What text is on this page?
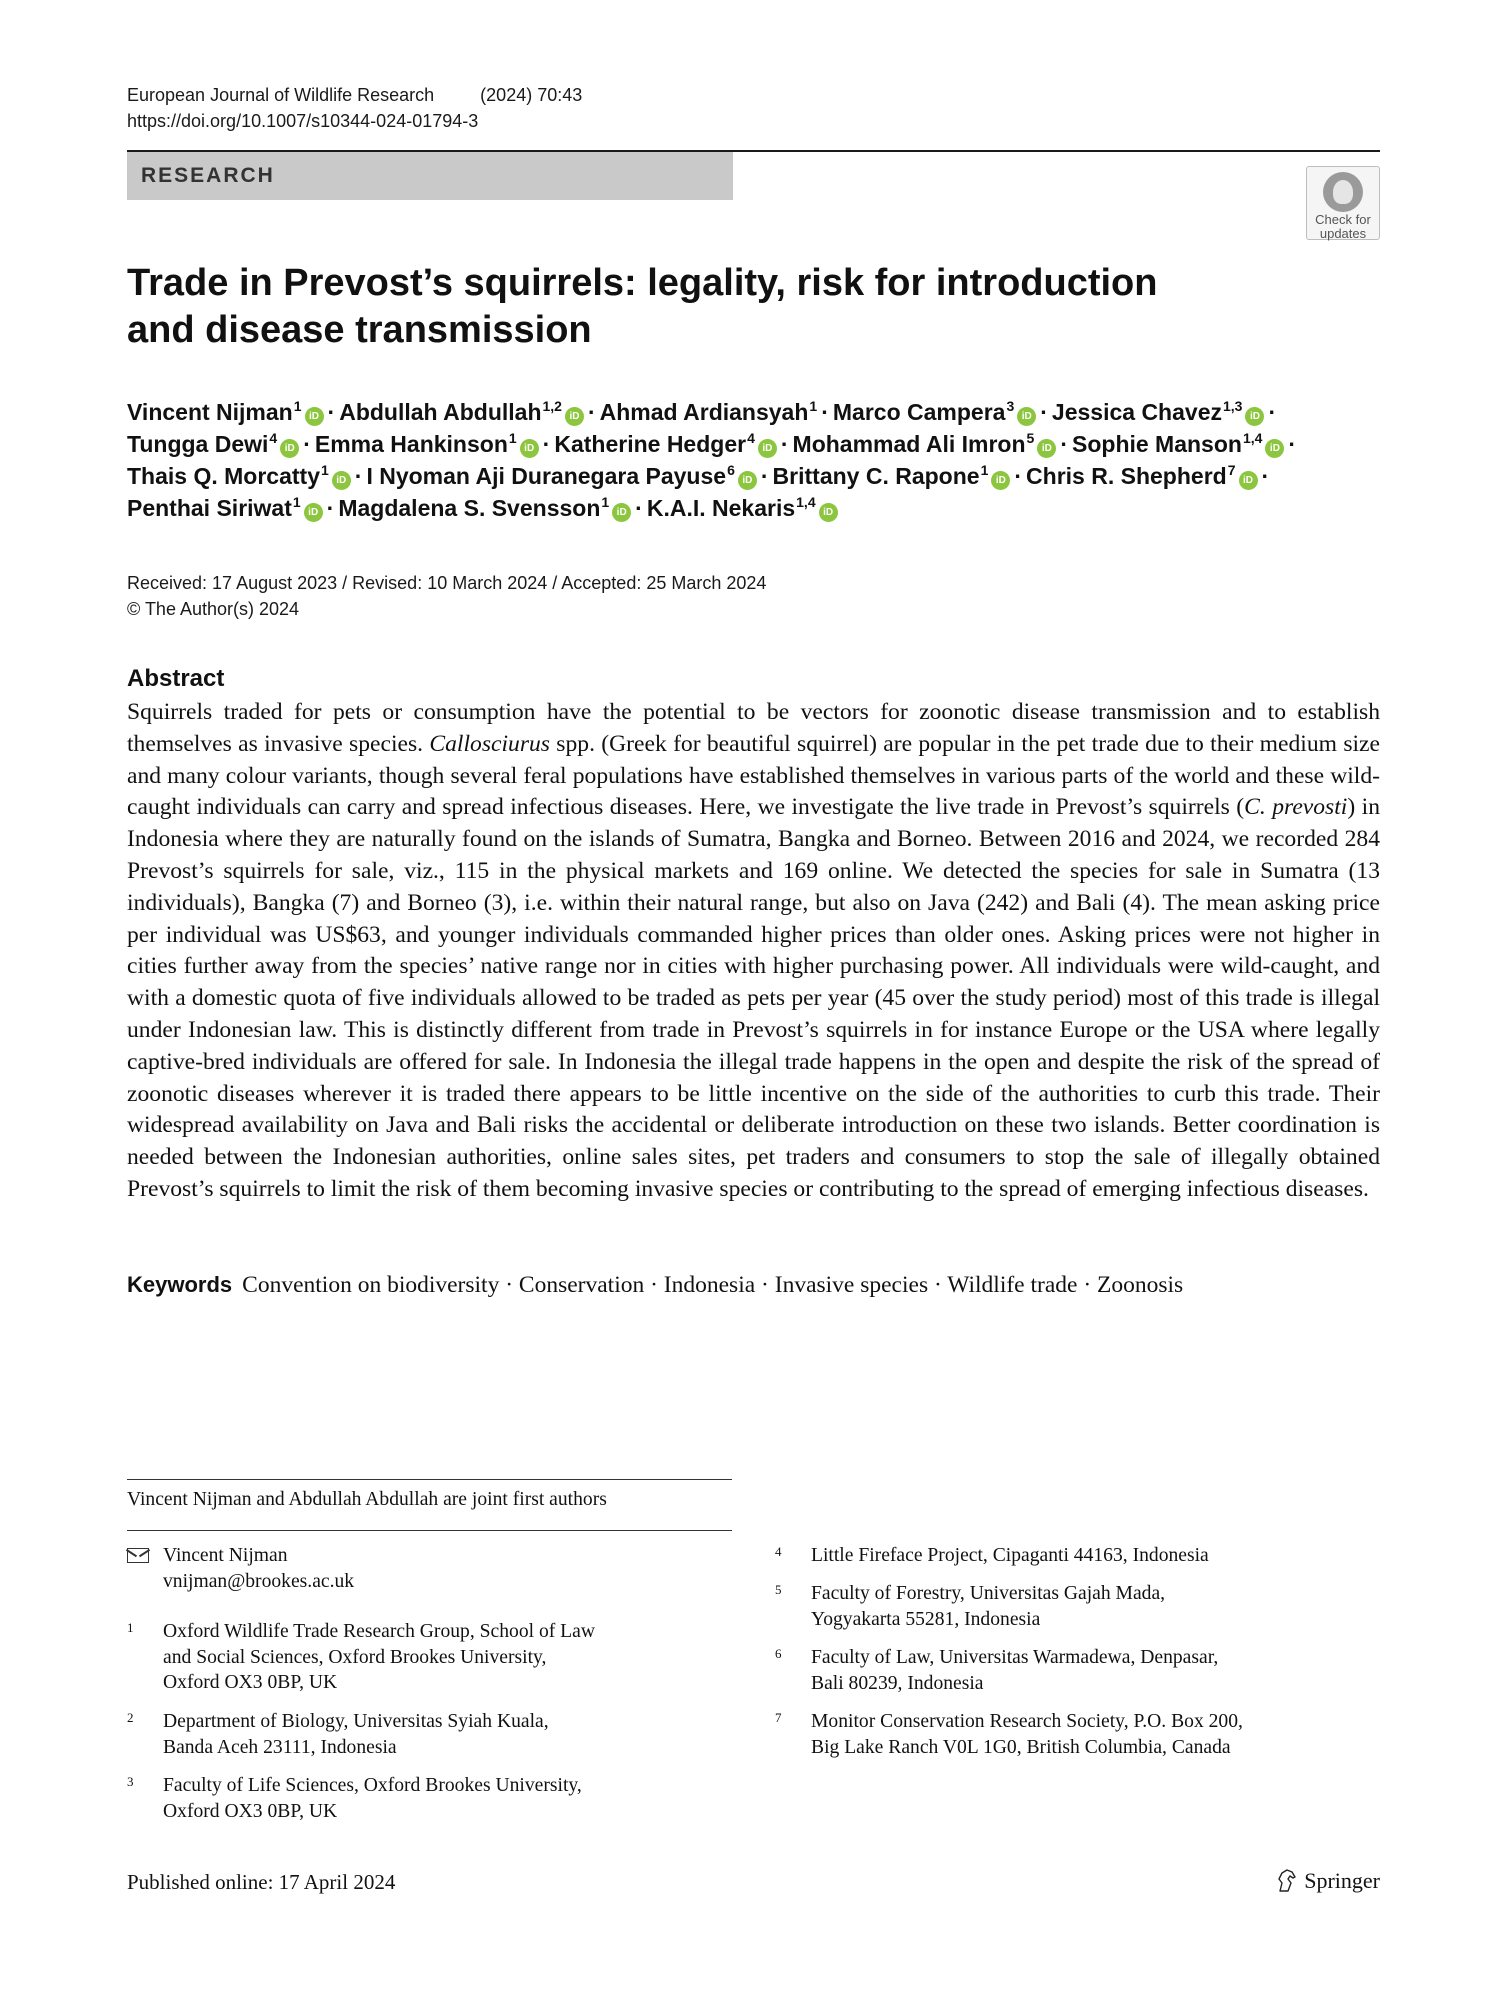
European Journal of Wildlife Research	(2024) 70:43
https://doi.org/10.1007/s10344-024-01794-3
RESEARCH
Check for
updates
Trade in Prevost’s squirrels: legality, risk for introduction and disease transmission
Vincent Nijman$^1$iD · Abdullah Abdullah$^{1,2}$iD · Ahmad Ardiansyah$^1$ · Marco Campera$^3$iD · Jessica Chavez$^{1,3}$iD ·
Tungga Dewi$^4$iD · Emma Hankinson$^1$iD · Katherine Hedger$^4$iD · Mohammad Ali Imron$^5$iD · Sophie Manson$^{1,4}$iD ·
Thais Q. Morcatty$^1$iD · I Nyoman Aji Duranegara Payuse$^6$iD · Brittany C. Rapone$^1$iD · Chris R. Shepherd$^7$iD ·
Penthai Siriwat$^1$iD · Magdalena S. Svensson$^1$iD · K.A.I. Nekaris$^{1,4}$iD
Received: 17 August 2023 / Revised: 10 March 2024 / Accepted: 25 March 2024
© The Author(s) 2024
Abstract

Squirrels traded for pets or consumption have the potential to be vectors for zoonotic disease transmission and to establish themselves as invasive species. Callosciurus spp. (Greek for beautiful squirrel) are popular in the pet trade due to their medium size and many colour variants, though several feral populations have established themselves in various parts of the world and these wild-caught individuals can carry and spread infectious diseases. Here, we investigate the live trade in Prevost’s squirrels (C. prevosti) in Indonesia where they are naturally found on the islands of Sumatra, Bangka and Borneo. Between 2016 and 2024, we recorded 284 Prevost’s squirrels for sale, viz., 115 in the physical markets and 169 online. We detected the species for sale in Sumatra (13 individuals), Bangka (7) and Borneo (3), i.e. within their natural range, but also on Java (242) and Bali (4). The mean asking price per individual was US$63, and younger individuals commanded higher prices than older ones. Asking prices were not higher in cities further away from the species’ native range nor in cities with higher purchasing power. All individuals were wild-caught, and with a domestic quota of five individuals allowed to be traded as pets per year (45 over the study period) most of this trade is illegal under Indonesian law. This is distinctly different from trade in Prevost’s squirrels in for instance Europe or the USA where legally captive-bred individuals are offered for sale. In Indonesia the illegal trade happens in the open and despite the risk of the spread of zoonotic diseases wherever it is traded there appears to be little incentive on the side of the authorities to curb this trade. Their widespread availability on Java and Bali risks the accidental or deliberate introduction on these two islands. Better coordination is needed between the Indonesian authorities, online sales sites, pet traders and consumers to stop the sale of illegally obtained Prevost’s squirrels to limit the risk of them becoming invasive species or contributing to the spread of emerging infectious diseases.

Keywords Convention on biodiversity · Conservation · Indonesia · Invasive species · Wildlife trade · Zoonosis
Vincent Nijman and Abdullah Abdullah are joint first authors
Vincent Nijman
vnijman@brookes.ac.uk
1 Oxford Wildlife Trade Research Group, School of Law
and Social Sciences, Oxford Brookes University,
Oxford OX3 0BP, UK
2 Department of Biology, Universitas Syiah Kuala,
Banda Aceh 23111, Indonesia
3 Faculty of Life Sciences, Oxford Brookes University,
Oxford OX3 0BP, UK
4 Little Fireface Project, Cipaganti 44163, Indonesia
5 Faculty of Forestry, Universitas Gajah Mada,
Yogyakarta 55281, Indonesia
6 Faculty of Law, Universitas Warmadewa, Denpasar,
Bali 80239, Indonesia
7 Monitor Conservation Research Society, P.O. Box 200,
Big Lake Ranch V0L 1G0, British Columbia, Canada
Published online: 17 April 2024	Springer
